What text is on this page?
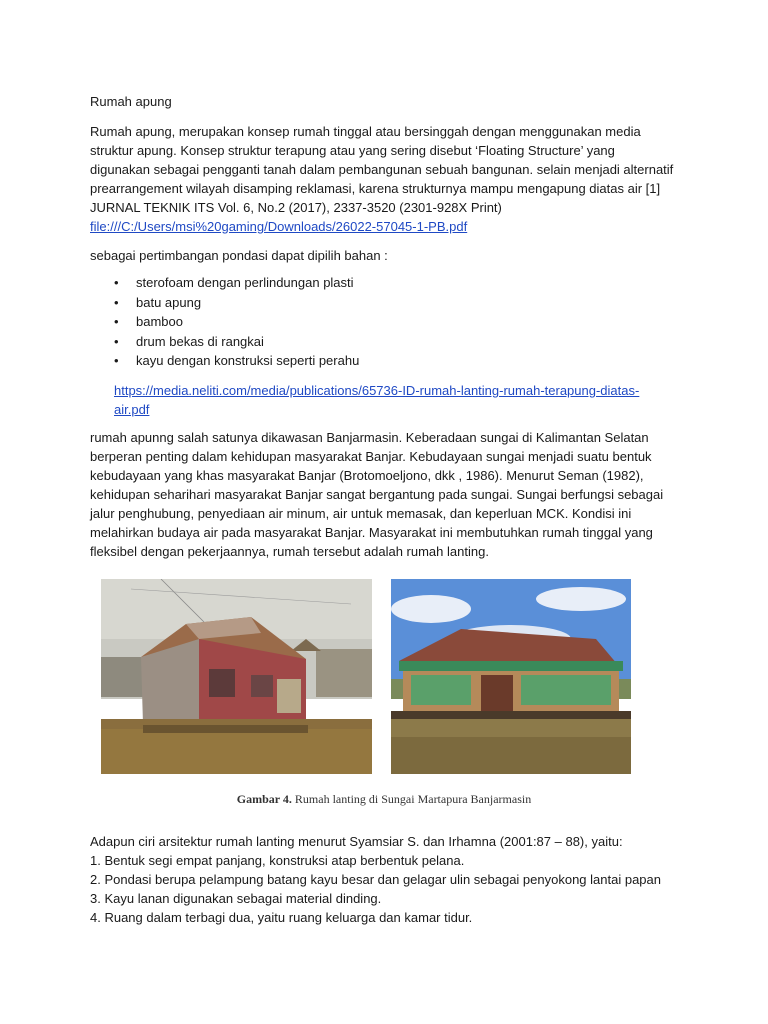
Rumah apung
Rumah apung, merupakan konsep rumah tinggal atau bersinggah dengan menggunakan media struktur apung. Konsep struktur terapung atau yang sering disebut ‘Floating Structure’ yang digunakan sebagai pengganti tanah dalam pembangunan sebuah bangunan. selain menjadi alternatif prearrangement wilayah disamping reklamasi, karena strukturnya mampu mengapung diatas air [1] JURNAL TEKNIK ITS Vol. 6, No.2 (2017), 2337-3520 (2301-928X Print) file:///C:/Users/msi%20gaming/Downloads/26022-57045-1-PB.pdf
sebagai pertimbangan pondasi dapat dipilih bahan :
• sterofoam dengan perlindungan plasti
• batu apung
• bamboo
• drum bekas di rangkai
• kayu dengan konstruksi seperti perahu
https://media.neliti.com/media/publications/65736-ID-rumah-lanting-rumah-terapung-diatas-air.pdf
rumah apunng salah satunya dikawasan Banjarmasin. Keberadaan sungai di Kalimantan Selatan berperan penting dalam kehidupan masyarakat Banjar. Kebudayaan sungai menjadi suatu bentuk kebudayaan yang khas masyarakat Banjar (Brotomoeljono, dkk , 1986). Menurut Seman (1982), kehidupan seharihari masyarakat Banjar sangat bergantung pada sungai. Sungai berfungsi sebagai jalur penghubung, penyediaan air minum, air untuk memasak, dan keperluan MCK. Kondisi ini melahirkan budaya air pada masyarakat Banjar. Masyarakat ini membutuhkan rumah tinggal yang fleksibel dengan pekerjaannya, rumah tersebut adalah rumah lanting.
Gambar 4. Rumah lanting di Sungai Martapura Banjarmasin
Adapun ciri arsitektur rumah lanting menurut Syamsiar S. dan Irhamna (2001:87 – 88), yaitu:
1. Bentuk segi empat panjang, konstruksi atap berbentuk pelana.
2. Pondasi berupa pelampung batang kayu besar dan gelagar ulin sebagai penyokong lantai papan
3. Kayu lanan digunakan sebagai material dinding.
4. Ruang dalam terbagi dua, yaitu ruang keluarga dan kamar tidur.
